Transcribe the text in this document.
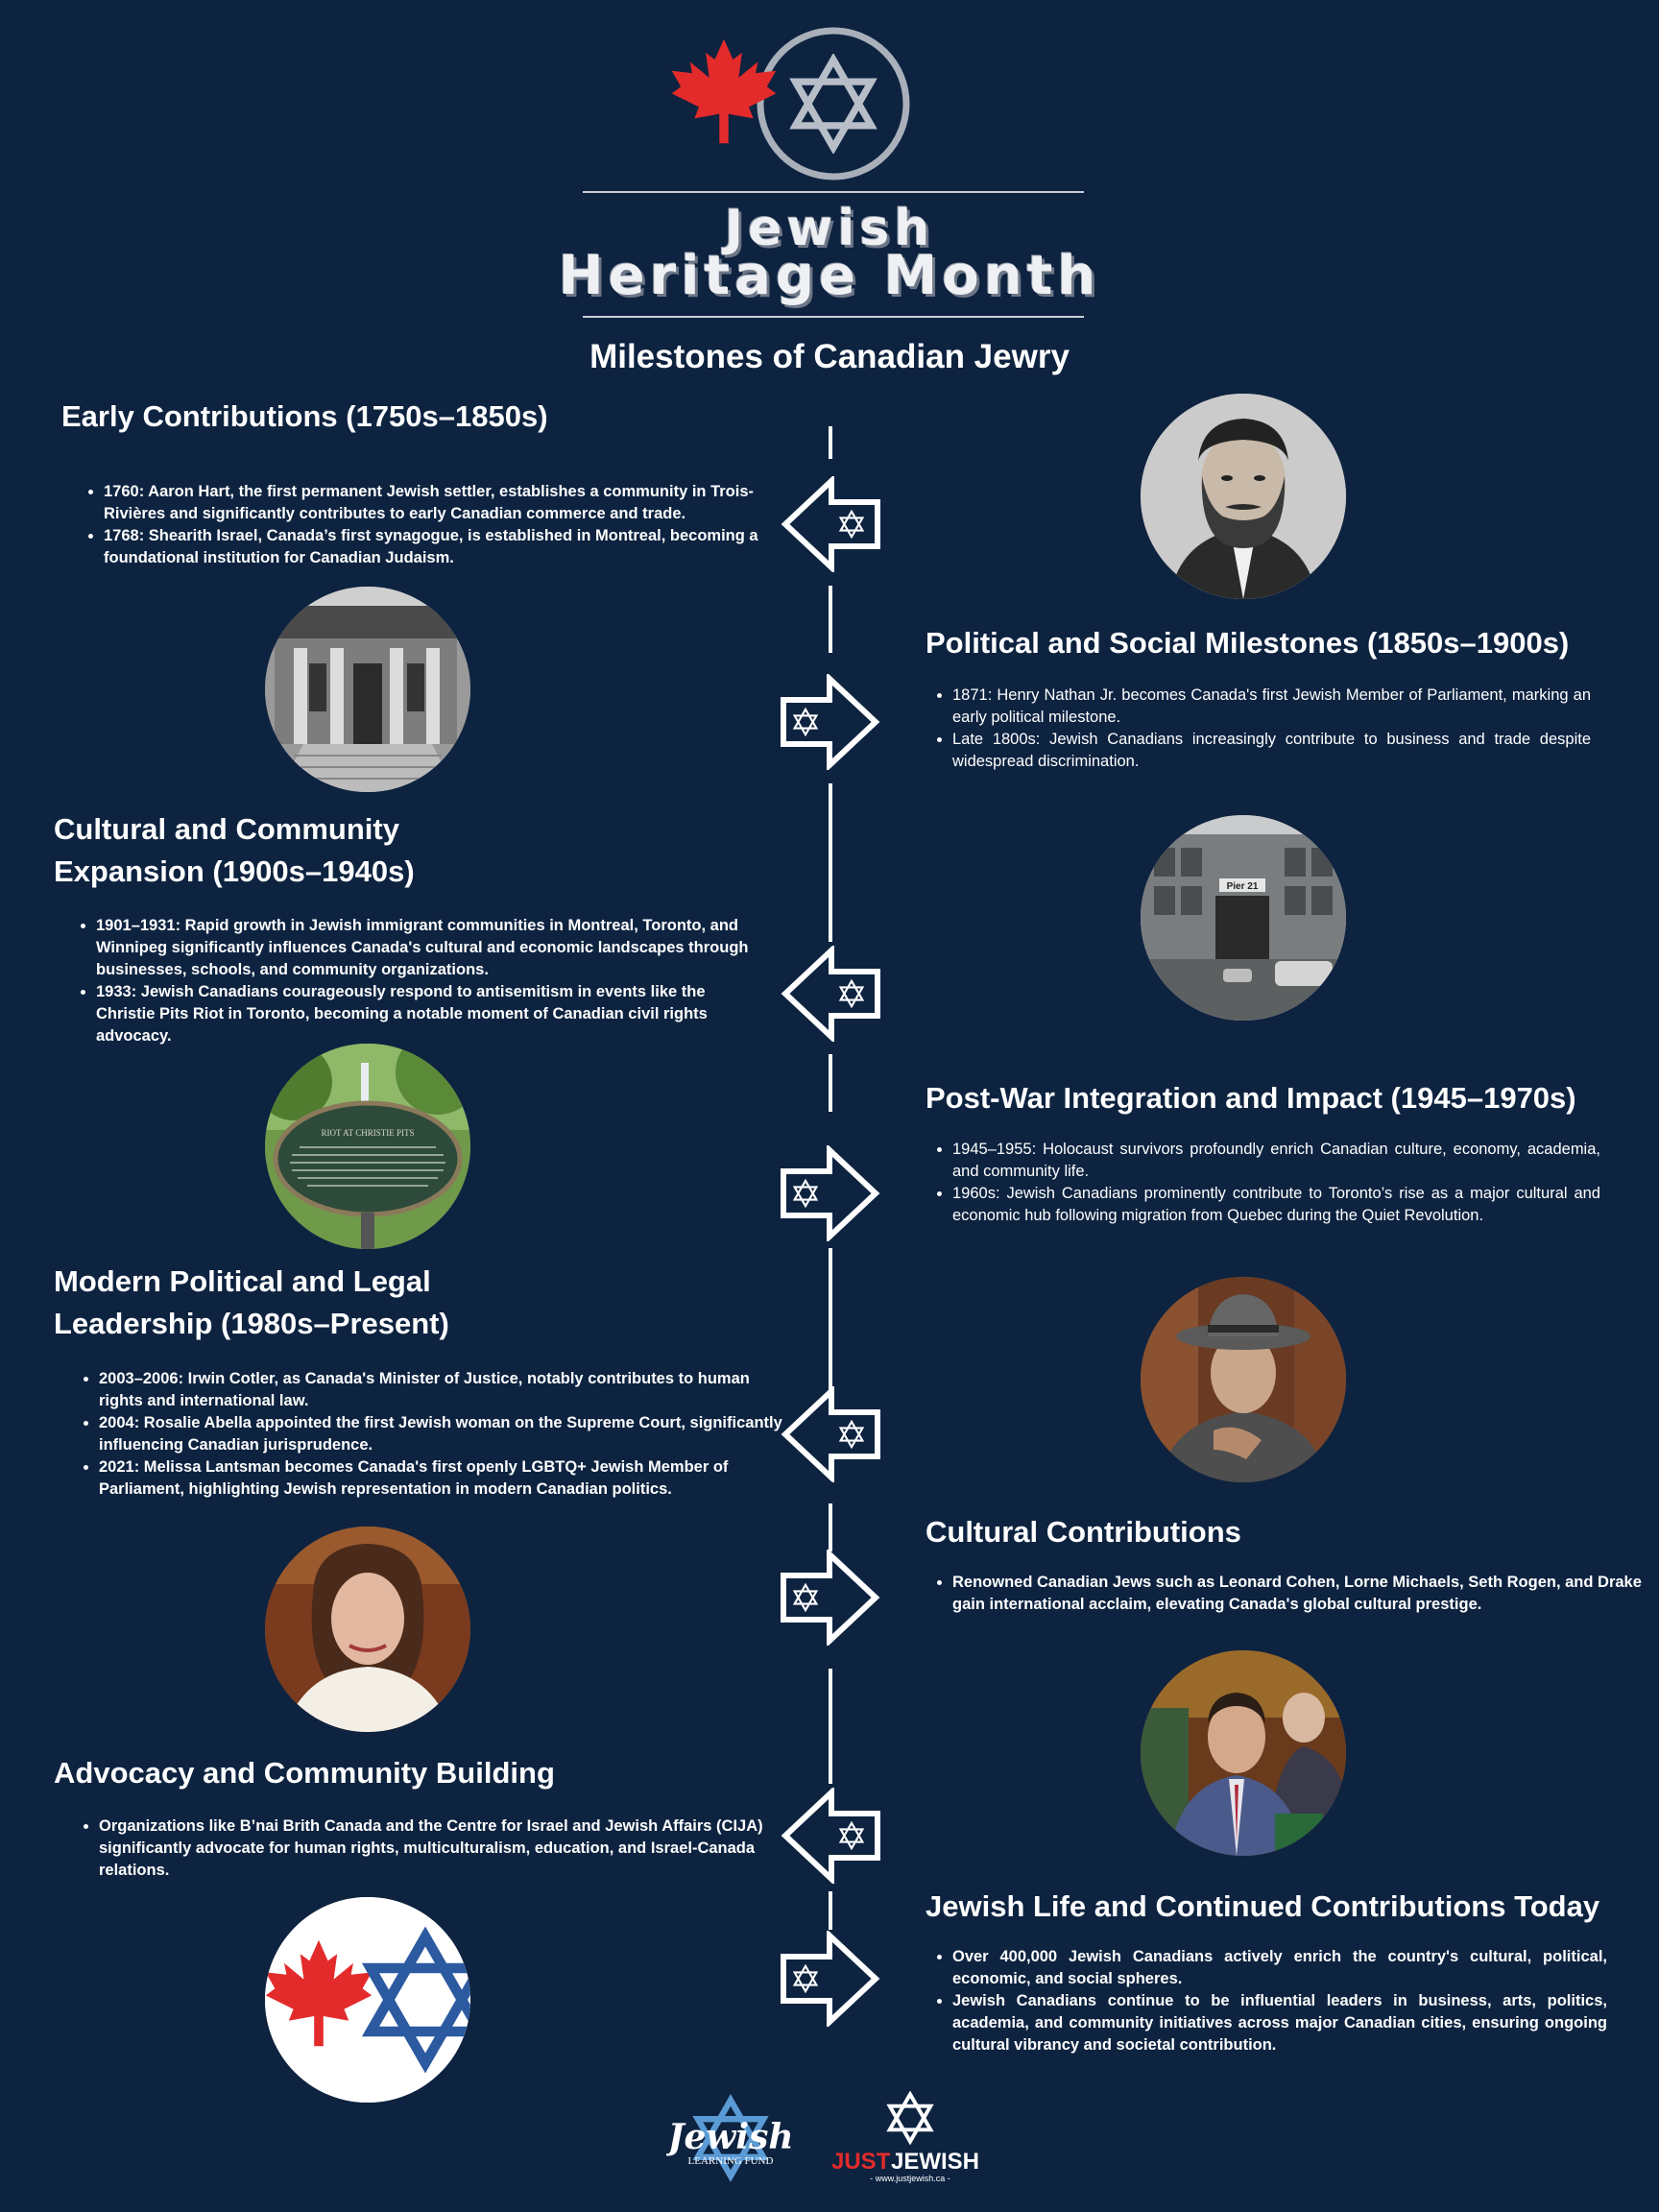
Jewish
Heritage Month
Milestones of Canadian Jewry
Early Contributions (1750s–1850s)
• 1760: Aaron Hart, the first permanent Jewish settler, establishes a community in Trois-Rivières and significantly contributes to early Canadian commerce and trade.
• 1768: Shearith Israel, Canada’s first synagogue, is established in Montreal, becoming a foundational institution for Canadian Judaism.
Political and Social Milestones (1850s–1900s)
• 1871: Henry Nathan Jr. becomes Canada's first Jewish Member of Parliament, marking an early political milestone.
• Late 1800s: Jewish Canadians increasingly contribute to business and trade despite widespread discrimination.
Cultural and Community
Expansion (1900s–1940s)
• 1901–1931: Rapid growth in Jewish immigrant communities in Montreal, Toronto, and Winnipeg significantly influences Canada's cultural and economic landscapes through businesses, schools, and community organizations.
• 1933: Jewish Canadians courageously respond to antisemitism in events like the Christie Pits Riot in Toronto, becoming a notable moment of Canadian civil rights advocacy.
Pier 21
RIOT AT CHRISTIE PITS
Post-War Integration and Impact (1945–1970s)
• 1945–1955: Holocaust survivors profoundly enrich Canadian culture, economy, academia, and community life.
• 1960s: Jewish Canadians prominently contribute to Toronto’s rise as a major cultural and economic hub following migration from Quebec during the Quiet Revolution.
Modern Political and Legal
Leadership (1980s–Present)
• 2003–2006: Irwin Cotler, as Canada's Minister of Justice, notably contributes to human rights and international law.
• 2004: Rosalie Abella appointed the first Jewish woman on the Supreme Court, significantly influencing Canadian jurisprudence.
• 2021: Melissa Lantsman becomes Canada's first openly LGBTQ+ Jewish Member of Parliament, highlighting Jewish representation in modern Canadian politics.
Cultural Contributions
• Renowned Canadian Jews such as Leonard Cohen, Lorne Michaels, Seth Rogen, and Drake gain international acclaim, elevating Canada's global cultural prestige.
Advocacy and Community Building
• Organizations like B’nai Brith Canada and the Centre for Israel and Jewish Affairs (CIJA) significantly advocate for human rights, multiculturalism, education, and Israel-Canada relations.
Jewish Life and Continued Contributions Today
• Over 400,000 Jewish Canadians actively enrich the country's cultural, political, economic, and social spheres.
• Jewish Canadians continue to be influential leaders in business, arts, politics, academia, and community initiatives across major Canadian cities, ensuring ongoing cultural vibrancy and societal contribution.
Jewish
LEARNING FUND	JUST JEWISH
- www.justjewish.ca -
